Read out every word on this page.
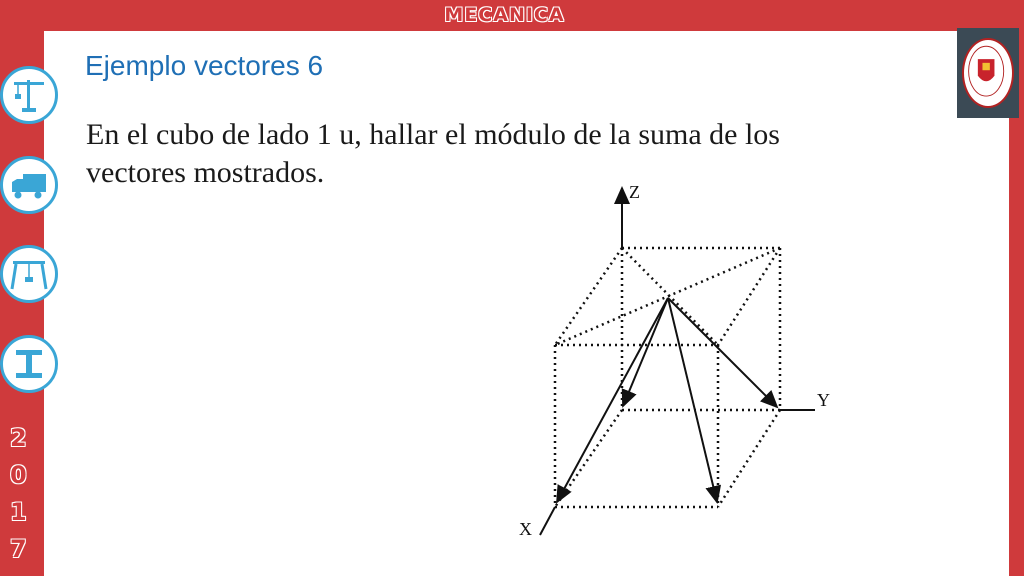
MECANICA
2
0
1
7
Ejemplo vectores 6
En el cubo de lado 1 u, hallar el módulo de la suma de los
vectores mostrados.
Z
Y
X
